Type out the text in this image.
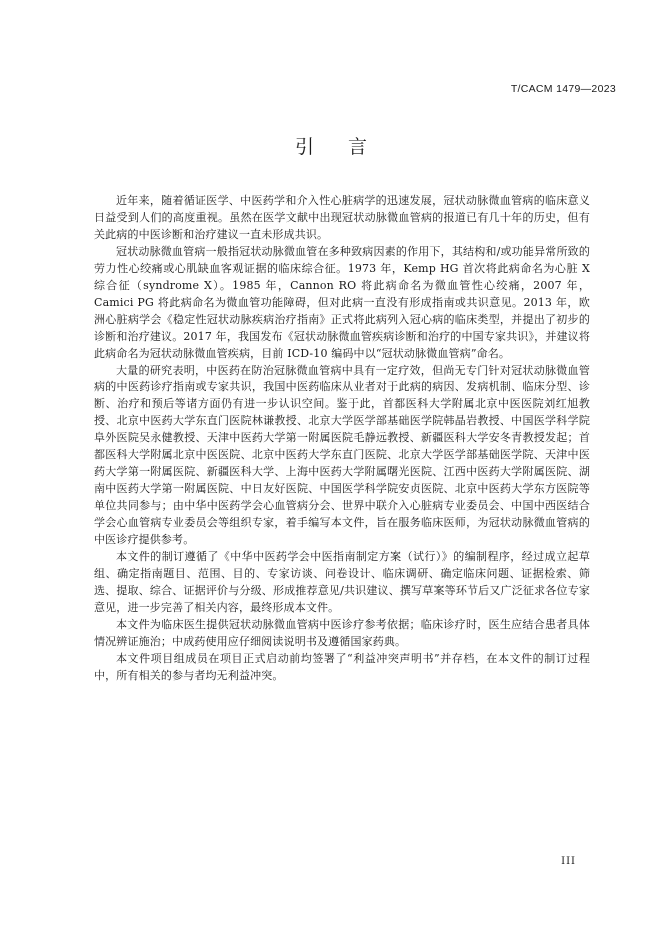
T/CACM 1479—2023
引 言

近年来，随着循证医学、中医药学和介入性心脏病学的迅速发展，冠状动脉微血管病的临床意义日益受到人们的高度重视。虽然在医学文献中出现冠状动脉微血管病的报道已有几十年的历史，但有关此病的中医诊断和治疗建议一直未形成共识。

冠状动脉微血管病一般指冠状动脉微血管在多种致病因素的作用下，其结构和/或功能异常所致的劳力性心绞痛或心肌缺血客观证据的临床综合征。1973 年，Kemp HG 首次将此病命名为心脏 X 综合征（syndrome X）。1985 年，Cannon RO 将此病命名为微血管性心绞痛，2007 年，Camici PG 将此病命名为微血管功能障碍，但对此病一直没有形成指南或共识意见。2013 年，欧洲心脏病学会《稳定性冠状动脉疾病治疗指南》正式将此病列入冠心病的临床类型，并提出了初步的诊断和治疗建议。2017 年，我国发布《冠状动脉微血管疾病诊断和治疗的中国专家共识》，并建议将此病命名为冠状动脉微血管疾病，目前 ICD-10 编码中以“冠状动脉微血管病”命名。

大量的研究表明，中医药在防治冠脉微血管病中具有一定疗效，但尚无专门针对冠状动脉微血管病的中医药诊疗指南或专家共识，我国中医药临床从业者对于此病的病因、发病机制、临床分型、诊断、治疗和预后等诸方面仍有进一步认识空间。鉴于此，首都医科大学附属北京中医医院刘红旭教授、北京中医药大学东直门医院林谦教授、北京大学医学部基础医学院韩晶岩教授、中国医学科学院阜外医院吴永健教授、天津中医药大学第一附属医院毛静远教授、新疆医科大学安冬青教授发起；首都医科大学附属北京中医医院、北京中医药大学东直门医院、北京大学医学部基础医学院、天津中医药大学第一附属医院、新疆医科大学、上海中医药大学附属曙光医院、江西中医药大学附属医院、湖南中医药大学第一附属医院、中日友好医院、中国医学科学院安贞医院、北京中医药大学东方医院等单位共同参与；由中华中医药学会心血管病分会、世界中联介入心脏病专业委员会、中国中西医结合学会心血管病专业委员会等组织专家，着手编写本文件，旨在服务临床医师，为冠状动脉微血管病的中医诊疗提供参考。

本文件的制订遵循了《中华中医药学会中医指南制定方案（试行）》的编制程序，经过成立起草组、确定指南题目、范围、目的、专家访谈、问卷设计、临床调研、确定临床问题、证据检索、筛选、提取、综合、证据评价与分级、形成推荐意见/共识建议、撰写草案等环节后又广泛征求各位专家意见，进一步完善了相关内容，最终形成本文件。

本文件为临床医生提供冠状动脉微血管病中医诊疗参考依据；临床诊疗时，医生应结合患者具体情况辨证施治；中成药使用应仔细阅读说明书及遵循国家药典。

本文件项目组成员在项目正式启动前均签署了“利益冲突声明书”并存档，在本文件的制订过程中，所有相关的参与者均无利益冲突。

III
